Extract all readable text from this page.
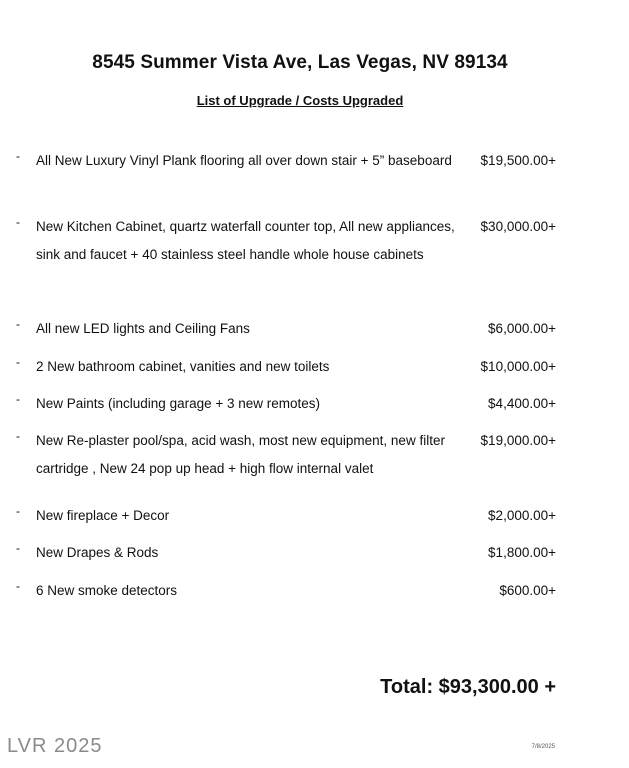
8545 Summer Vista Ave, Las Vegas, NV 89134
List of Upgrade / Costs Upgraded
- All New Luxury Vinyl Plank flooring all over down stair + 5” baseboard	$19,500.00+
- New Kitchen Cabinet, quartz waterfall counter top, All new appliances, sink and faucet + 40 stainless steel handle whole house cabinets
$30,000.00+
- All new LED lights and Ceiling Fans	$6,000.00+
- 2 New bathroom cabinet, vanities and new toilets	$10,000.00+
- New Paints (including garage + 3 new remotes)	$4,400.00+
- New Re-plaster pool/spa, acid wash, most new equipment, new filter cartridge , New 24 pop up head + high flow internal valet
$19,000.00+
- New fireplace + Decor	$2,000.00+
- New Drapes & Rods	$1,800.00+
- 6 New smoke detectors	$600.00+
Total: $93,300.00 +
LVR 2025	7/8/2025
